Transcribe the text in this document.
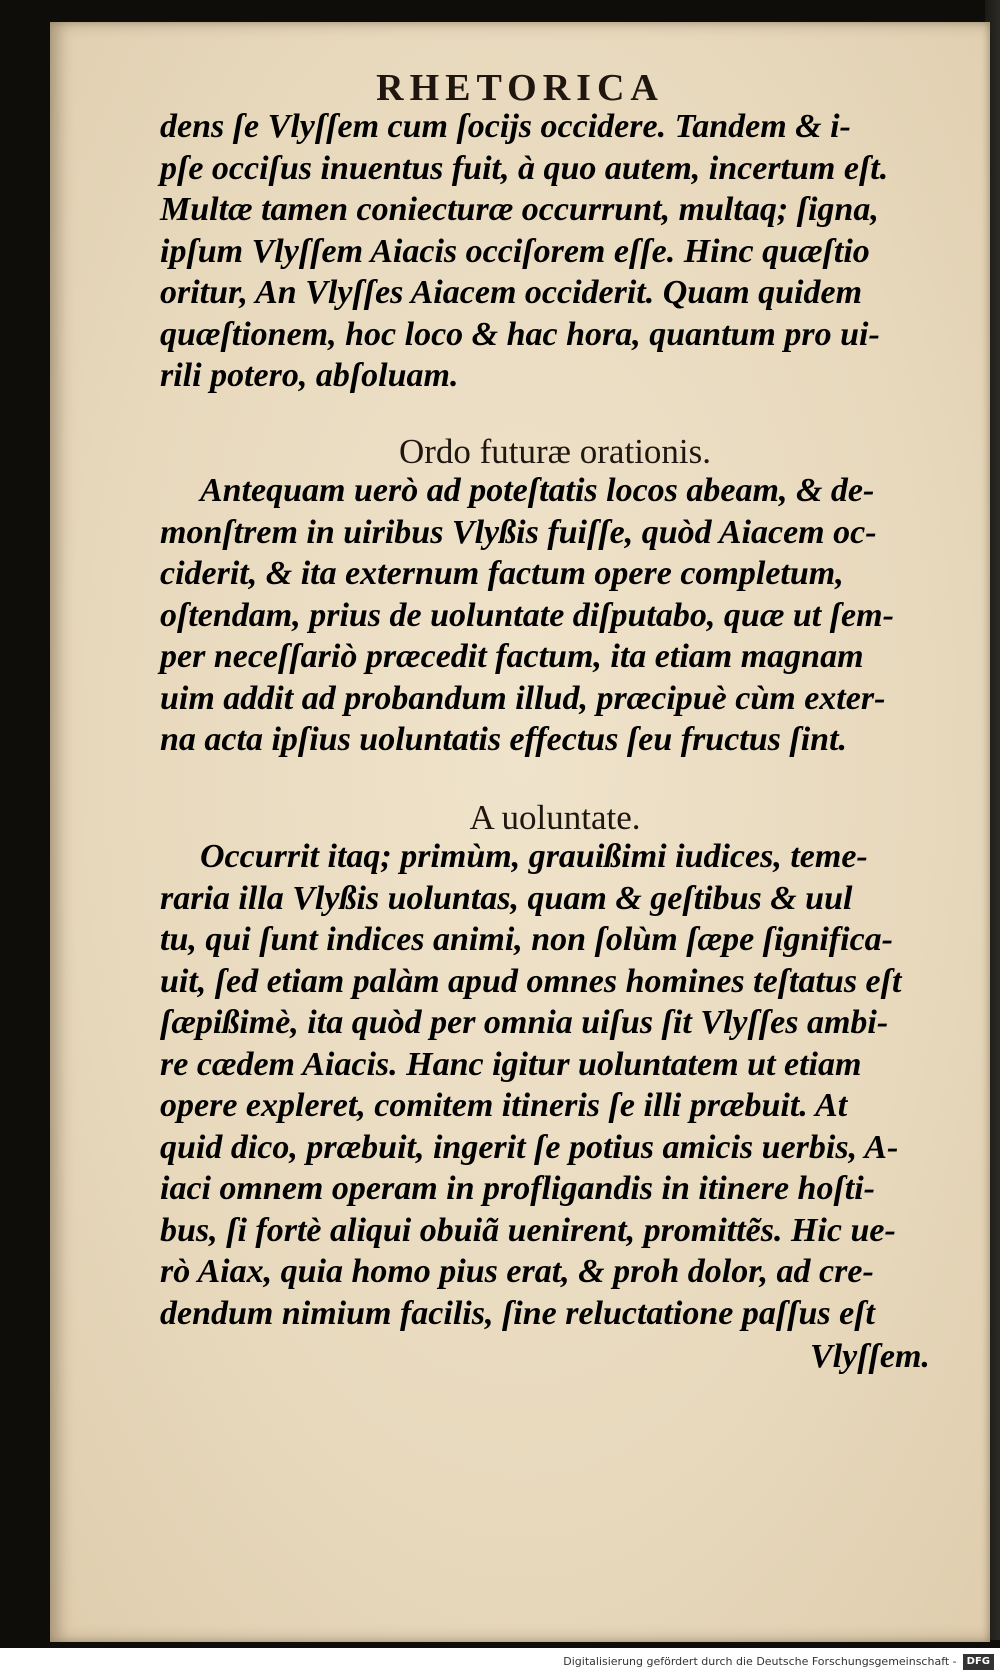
RHETORICA
dens ſe Vlyſſem cum ſocijs occidere. Tandem & i-
pſe occiſus inuentus fuit, à quo autem, incertum eſt.
Multæ tamen coniecturæ occurrunt, multaq; ſigna,
ipſum Vlyſſem Aiacis occiſorem eſſe. Hinc quæſtio
oritur, An Vlyſſes Aiacem occiderit. Quam quidem
quæſtionem, hoc loco & hac hora, quantum pro ui-
rili potero, abſoluam.
Ordo futuræ orationis.
Antequam uerò ad poteſtatis locos abeam, & de-
monſtrem in uiribus Vlyßis fuiſſe, quòd Aiacem oc-
ciderit, & ita externum factum opere completum,
oſtendam, prius de uoluntate diſputabo, quæ ut ſem-
per neceſſariò præcedit factum, ita etiam magnam
uim addit ad probandum illud, præcipuè cùm exter-
na acta ipſius uoluntatis effectus ſeu fructus ſint.
A uoluntate.
Occurrit itaq; primùm, grauißimi iudices, teme-
raria illa Vlyßis uoluntas, quam & geſtibus & uul
tu, qui ſunt indices animi, non ſolùm ſæpe ſignifica-
uit, ſed etiam palàm apud omnes homines teſtatus eſt
ſæpißimè, ita quòd per omnia uiſus ſit Vlyſſes ambi-
re cædem Aiacis. Hanc igitur uoluntatem ut etiam
opere expleret, comitem itineris ſe illi præbuit. At
quid dico, præbuit, ingerit ſe potius amicis uerbis, A-
iaci omnem operam in profligandis in itinere hoſti-
bus, ſi fortè aliqui obuiã uenirent, promittẽs. Hic ue-
rò Aiax, quia homo pius erat, & proh dolor, ad cre-
dendum nimium facilis, ſine reluctatione paſſus eſt
Vlyſſem.
Digitalisierung gefördert durch die Deutsche Forschungsgemeinschaft - DFG
